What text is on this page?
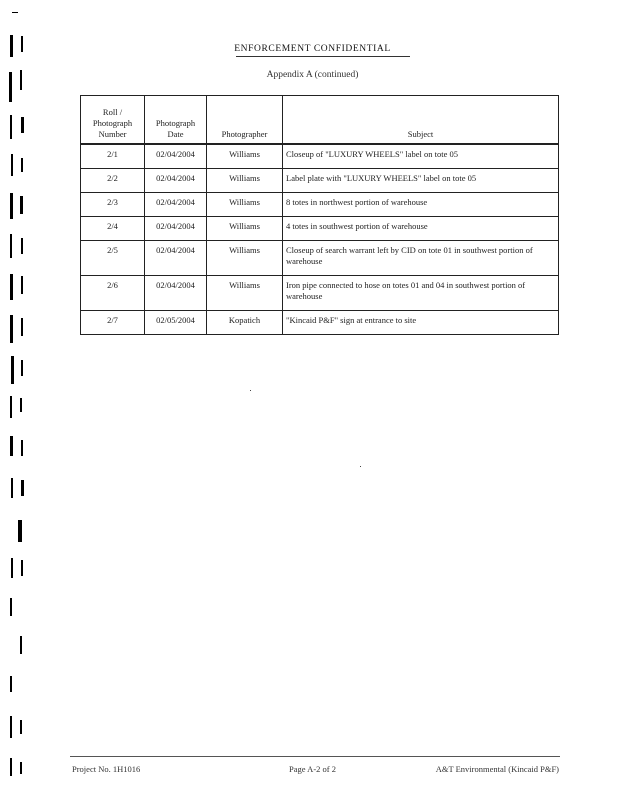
ENFORCEMENT CONFIDENTIAL
Appendix A (continued)
Roll / Photograph Number	Photograph Date	Photographer	Subject
2/1	02/04/2004	Williams	Closeup of "LUXURY WHEELS" label on tote 05
2/2	02/04/2004	Williams	Label plate with "LUXURY WHEELS" label on tote 05
2/3	02/04/2004	Williams	8 totes in northwest portion of warehouse
2/4	02/04/2004	Williams	4 totes in southwest portion of warehouse
2/5	02/04/2004	Williams	Closeup of search warrant left by CID on tote 01 in southwest portion of warehouse
2/6	02/04/2004	Williams	Iron pipe connected to hose on totes 01 and 04 in southwest portion of warehouse
2/7	02/05/2004	Kopatich	"Kincaid P&F" sign at entrance to site
Project No. 1H1016	Page A-2 of 2	A&T Environmental (Kincaid P&F)
